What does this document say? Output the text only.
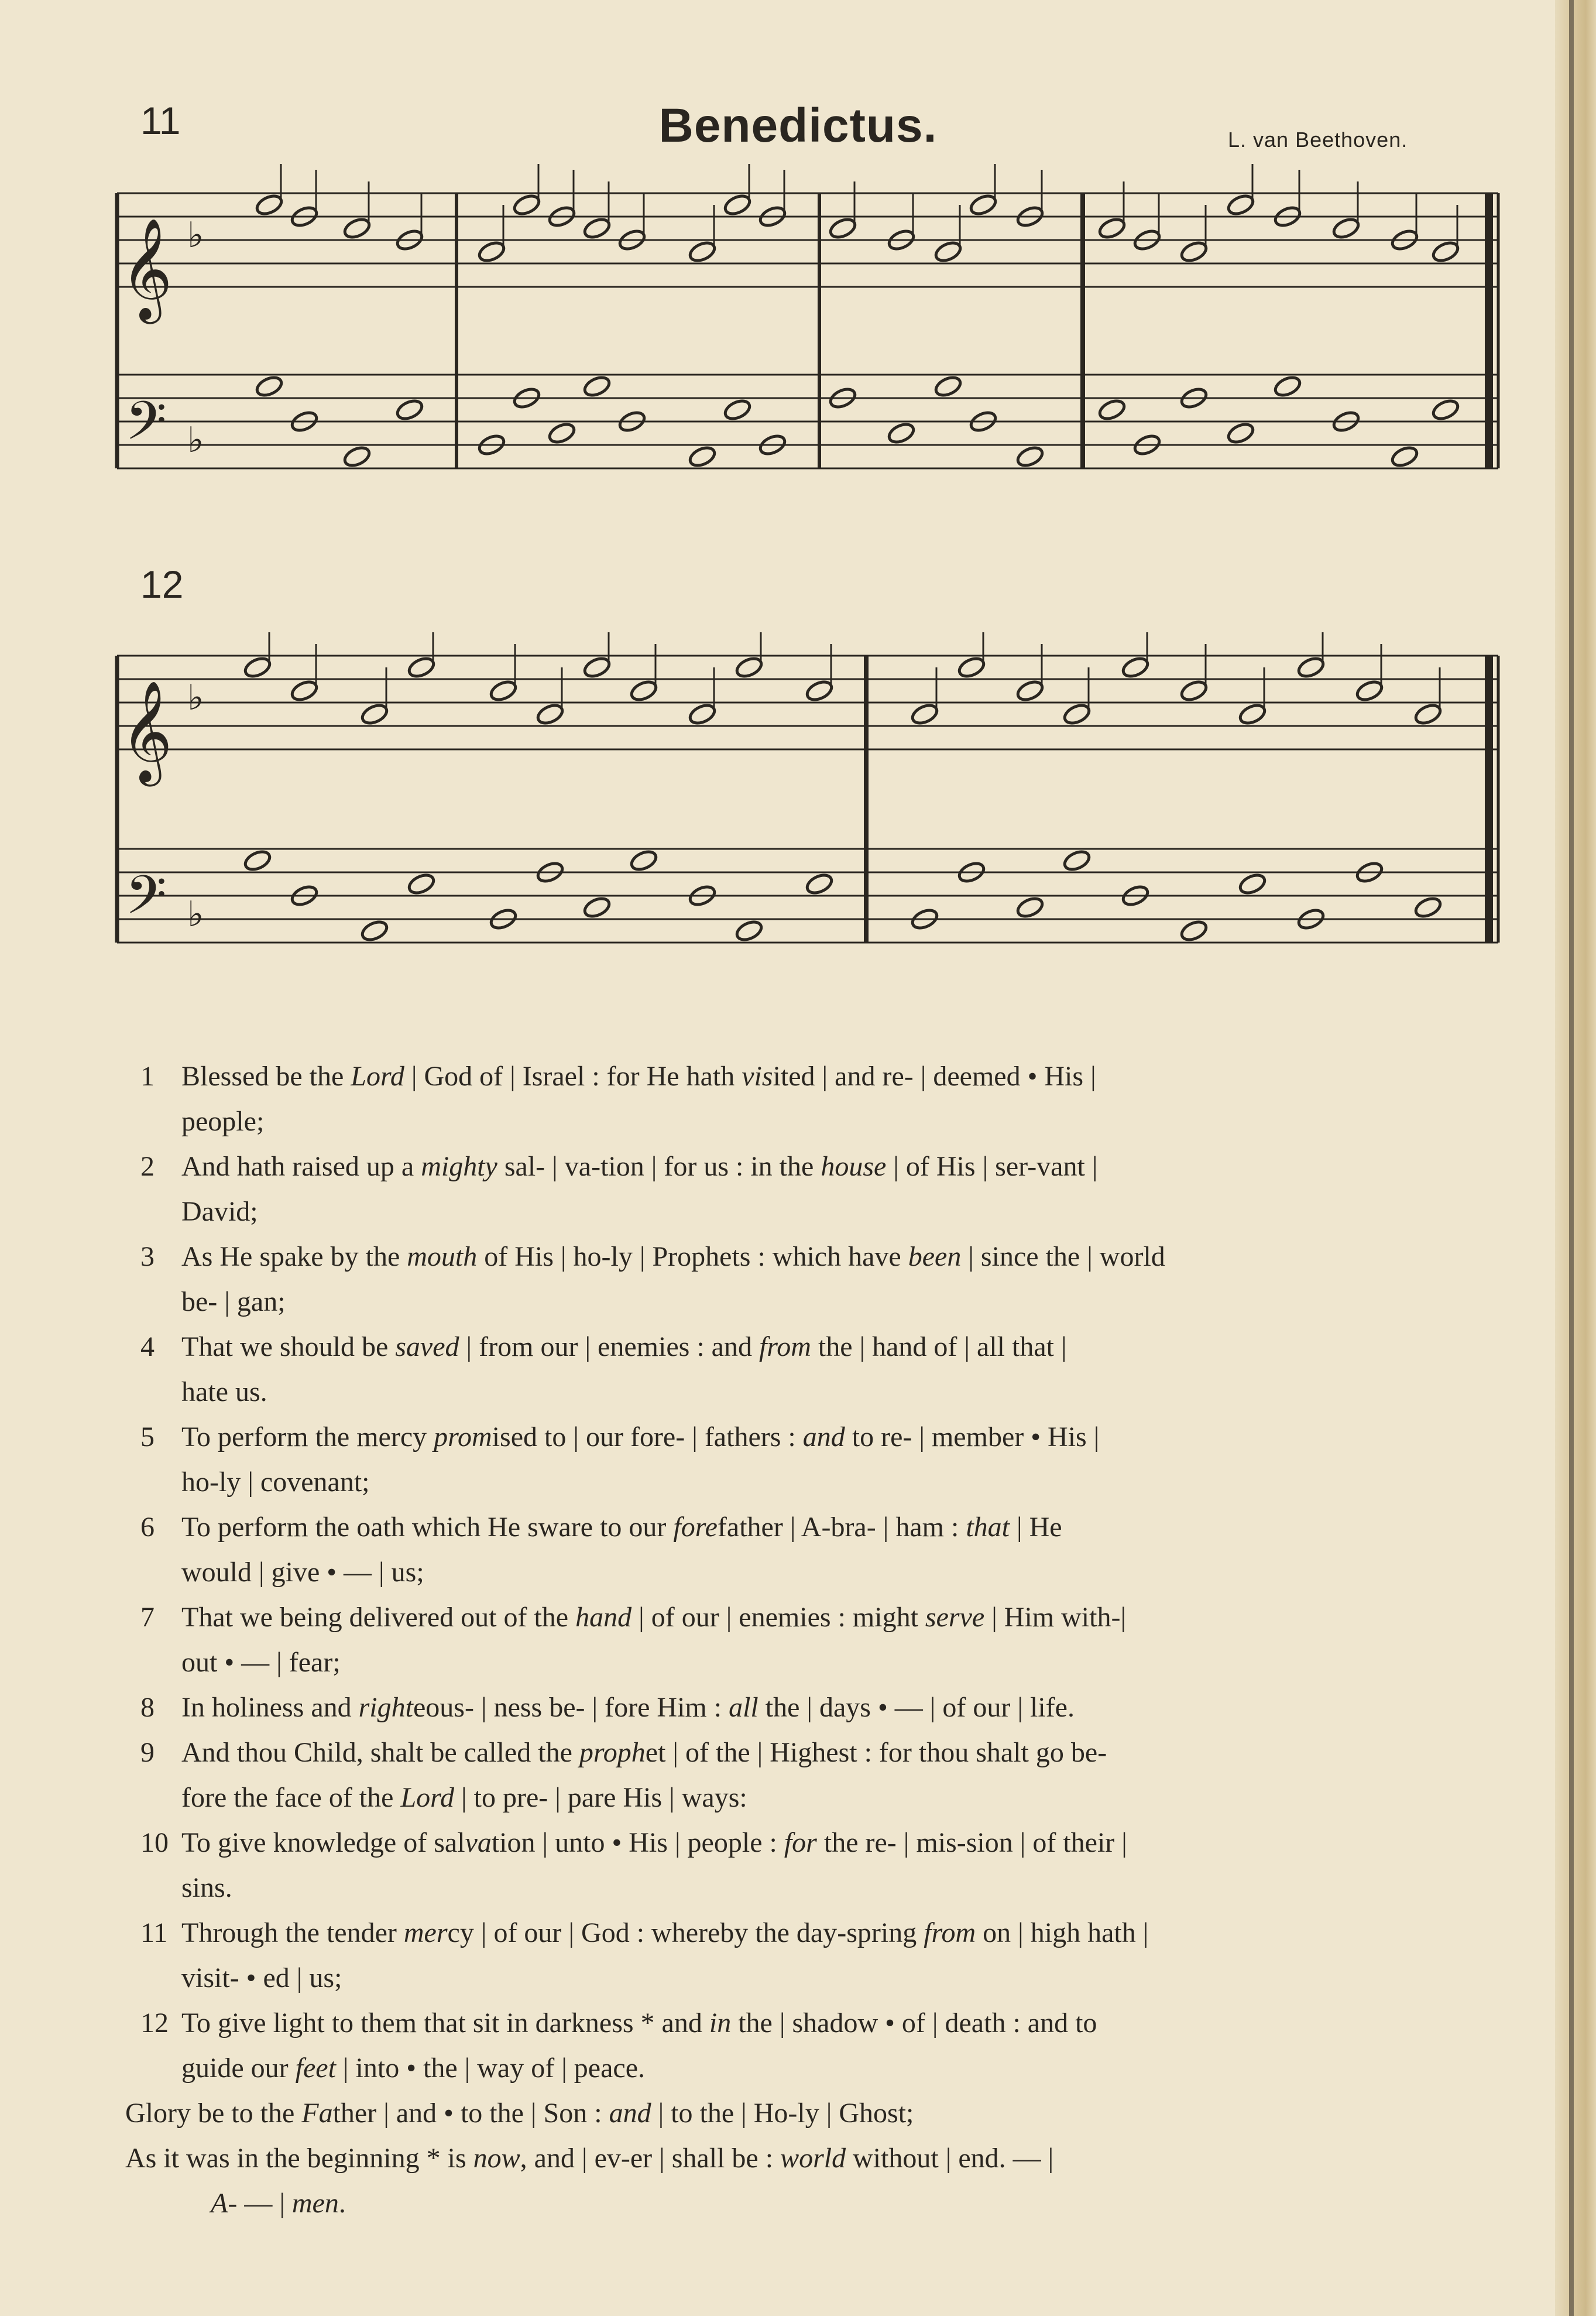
11	Benedictus.	L. van Beethoven.
𝄞
𝄢
♭
♭
12
𝄞
𝄢
♭
♭
1 Blessed be the Lord | God of | Israel : for He hath visited | and re- | deemed • His |
people;
2 And hath raised up a mighty sal- | va-tion | for us : in the house | of His | ser-vant |
David;
3 As He spake by the mouth of His | ho-ly | Prophets : which have been | since the | world
be- | gan;
4 That we should be saved | from our | enemies : and from the | hand of | all that |
hate us.
5 To perform the mercy promised to | our fore- | fathers : and to re- | member • His |
ho-ly | covenant;
6 To perform the oath which He sware to our forefather | A-bra- | ham : that | He
would | give • — | us;
7 That we being delivered out of the hand | of our | enemies : might serve | Him with-|
out • — | fear;
8 In holiness and righteous- | ness be- | fore Him : all the | days • — | of our | life.
9 And thou Child, shalt be called the prophet | of the | Highest : for thou shalt go be-
fore the face of the Lord | to pre- | pare His | ways:
10 To give knowledge of salvation | unto • His | people : for the re- | mis-sion | of their |
sins.
11 Through the tender mercy | of our | God : whereby the day-spring from on | high hath |
visit- • ed | us;
12 To give light to them that sit in darkness * and in the | shadow • of | death : and to
guide our feet | into • the | way of | peace.
Glory be to the Father | and • to the | Son : and | to the | Ho-ly | Ghost;
As it was in the beginning * is now, and | ev-er | shall be : world without | end. — |
A- — | men.
